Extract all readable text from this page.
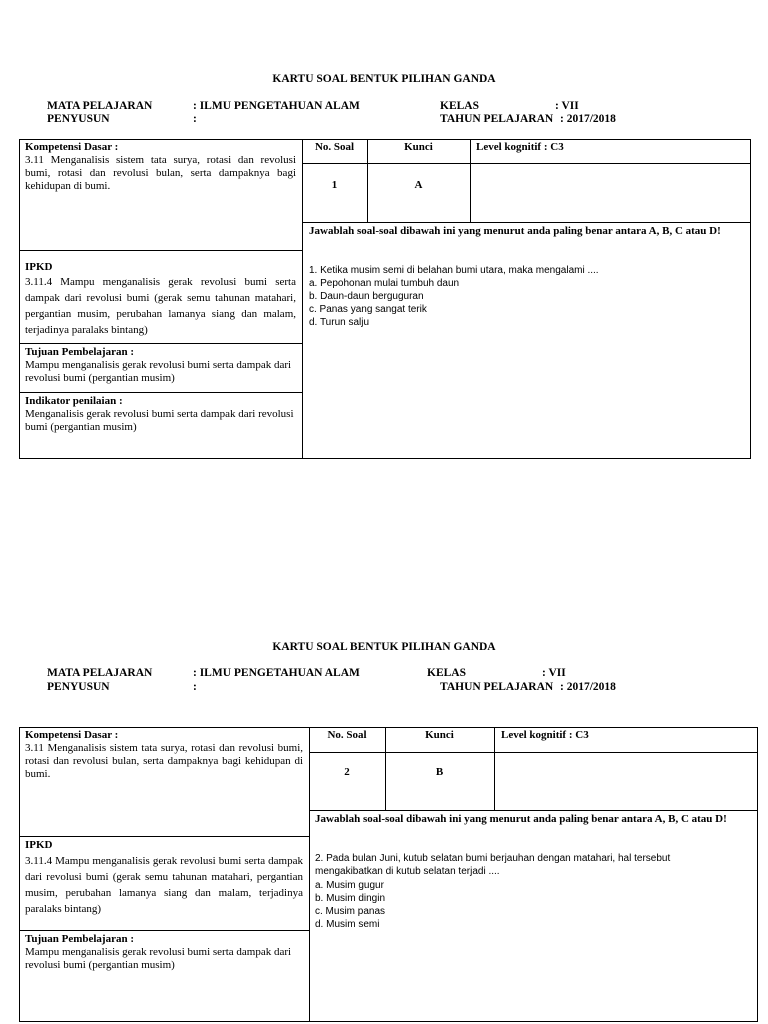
KARTU SOAL BENTUK PILIHAN GANDA
MATA PELAJARAN	: ILMU PENGETAHUAN ALAM	KELAS	: VII
PENYUSUN	:	TAHUN PELAJARAN : 2017/2018
Kompetensi Dasar :
3.11 Menganalisis sistem tata surya, rotasi dan revolusi bumi, rotasi dan revolusi bulan, serta dampaknya bagi kehidupan di bumi.
IPKD
3.11.4 Mampu menganalisis gerak revolusi bumi serta dampak dari revolusi bumi (gerak semu tahunan matahari, pergantian musim, perubahan lamanya siang dan malam, terjadinya paralaks bintang)
Tujuan Pembelajaran :
Mampu menganalisis gerak revolusi bumi serta dampak dari revolusi bumi (pergantian musim)
Indikator penilaian :
Menganalisis gerak revolusi bumi serta dampak dari revolusi bumi (pergantian musim)
No. Soal	Kunci	Level kognitif : C3
1	A
Jawablah soal-soal dibawah ini yang menurut anda paling benar antara A, B, C atau D!
1. Ketika musim semi di belahan bumi utara, maka mengalami ....
a. Pepohonan mulai tumbuh daun
b. Daun-daun berguguran
c. Panas yang sangat terik
d. Turun salju
KARTU SOAL BENTUK PILIHAN GANDA
MATA PELAJARAN	: ILMU PENGETAHUAN ALAM	KELAS	: VII
PENYUSUN	:	TAHUN PELAJARAN : 2017/2018
Kompetensi Dasar :
3.11 Menganalisis sistem tata surya, rotasi dan revolusi bumi, rotasi dan revolusi bulan, serta dampaknya bagi kehidupan di bumi.
IPKD
3.11.4 Mampu menganalisis gerak revolusi bumi serta dampak dari revolusi bumi (gerak semu tahunan matahari, pergantian musim, perubahan lamanya siang dan malam, terjadinya paralaks bintang)
Tujuan Pembelajaran :
Mampu menganalisis gerak revolusi bumi serta dampak dari revolusi bumi (pergantian musim)
No. Soal	Kunci	Level kognitif : C3
2	B
Jawablah soal-soal dibawah ini yang menurut anda paling benar antara A, B, C atau D!
2. Pada bulan Juni, kutub selatan bumi berjauhan dengan matahari, hal tersebut mengakibatkan di kutub selatan terjadi ....
a. Musim gugur
b. Musim dingin
c. Musim panas
d. Musim semi
